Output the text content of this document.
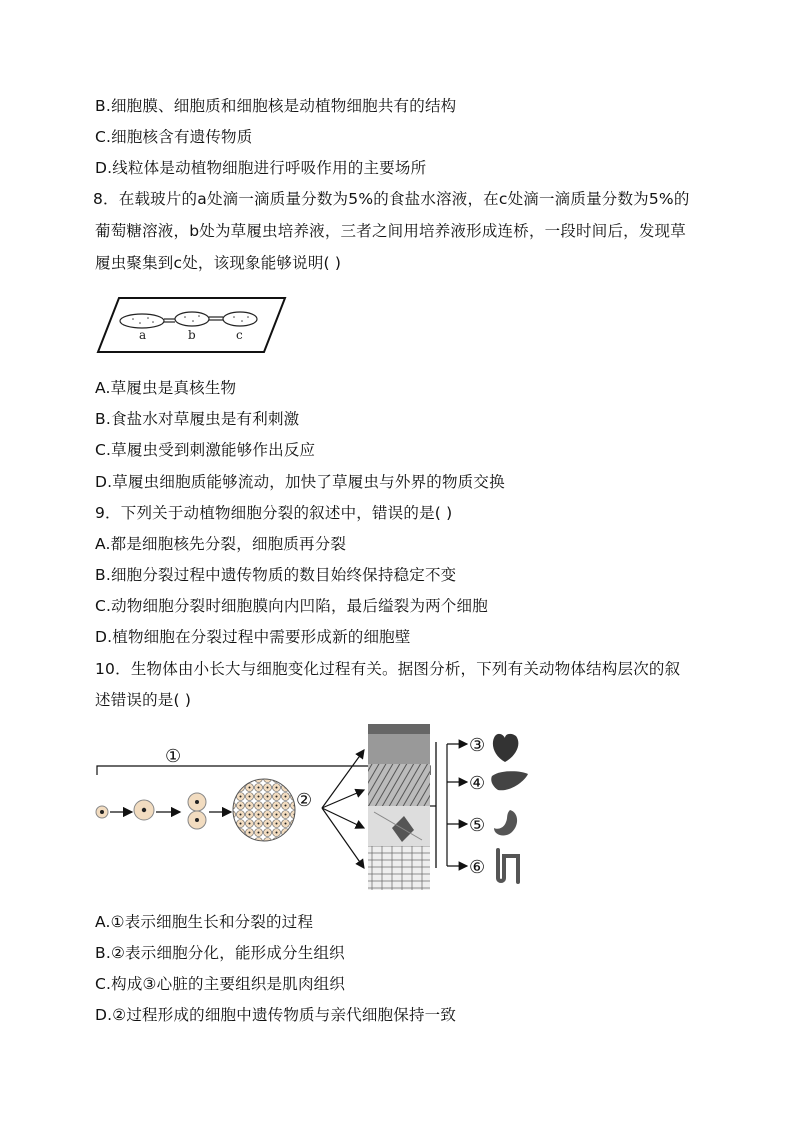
B.细胞膜、细胞质和细胞核是动植物细胞共有的结构
C.细胞核含有遗传物质
D.线粒体是动植物细胞进行呼吸作用的主要场所
8．在载玻片的a处滴一滴质量分数为5%的食盐水溶液，在c处滴一滴质量分数为5%的
葡萄糖溶液，b处为草履虫培养液，三者之间用培养液形成连桥，一段时间后，发现草
履虫聚集到c处，该现象能够说明( )
a	b	c
A.草履虫是真核生物
B.食盐水对草履虫是有利刺激
C.草履虫受到刺激能够作出反应
D.草履虫细胞质能够流动，加快了草履虫与外界的物质交换
9．下列关于动植物细胞分裂的叙述中，错误的是( )
A.都是细胞核先分裂，细胞质再分裂
B.细胞分裂过程中遗传物质的数目始终保持稳定不变
C.动物细胞分裂时细胞膜向内凹陷，最后缢裂为两个细胞
D.植物细胞在分裂过程中需要形成新的细胞壁
10．生物体由小长大与细胞变化过程有关。据图分析，下列有关动物体结构层次的叙
述错误的是( )
①
②
③
④
⑤
⑥
A.①表示细胞生长和分裂的过程
B.②表示细胞分化，能形成分生组织
C.构成③心脏的主要组织是肌肉组织
D.②过程形成的细胞中遗传物质与亲代细胞保持一致
